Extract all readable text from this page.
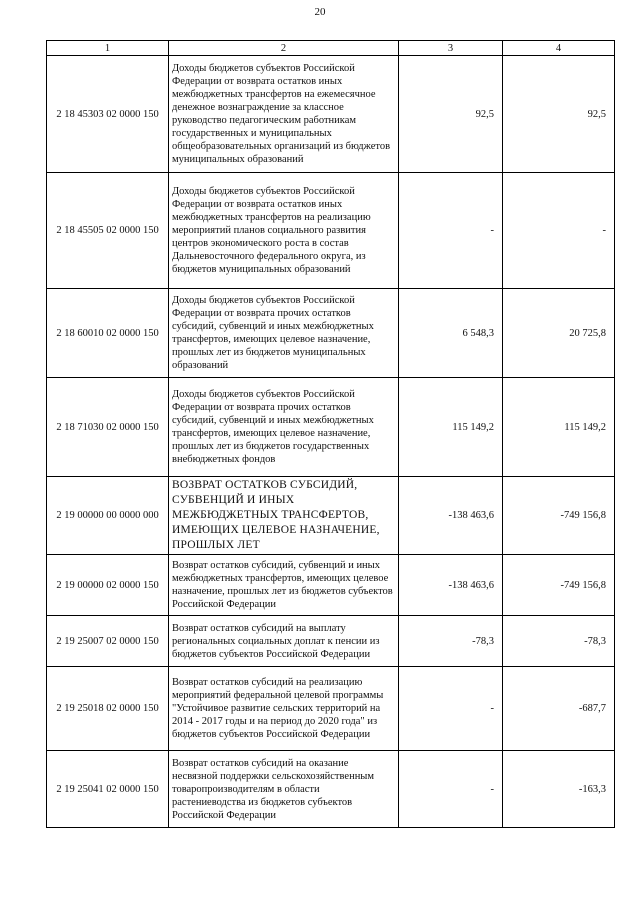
20
1	2	3	4
2 18 45303 02 0000 150	Доходы бюджетов субъектов Российской Федерации от возврата остатков иных межбюджетных трансфертов на ежемесячное денежное вознаграждение за классное руководство педагогическим работникам государственных и муниципальных общеобразовательных организаций из бюджетов муниципальных образований	92,5	92,5
2 18 45505 02 0000 150	Доходы бюджетов субъектов Российской Федерации от возврата остатков иных межбюджетных трансфертов на реализацию мероприятий планов социального развития центров экономического роста в состав Дальневосточного федерального округа, из бюджетов муниципальных образований	-	-
2 18 60010 02 0000 150	Доходы бюджетов субъектов Российской Федерации от возврата прочих остатков субсидий, субвенций и иных межбюджетных трансфертов, имеющих целевое назначение, прошлых лет из бюджетов муниципальных образований	6 548,3	20 725,8
2 18 71030 02 0000 150	Доходы бюджетов субъектов Российской Федерации от возврата прочих остатков субсидий, субвенций и иных межбюджетных трансфертов, имеющих целевое назначение, прошлых лет из бюджетов государственных внебюджетных фондов	115 149,2	115 149,2
2 19 00000 00 0000 000	ВОЗВРАТ ОСТАТКОВ СУБСИДИЙ, СУБВЕНЦИЙ И ИНЫХ МЕЖБЮДЖЕТНЫХ ТРАНСФЕРТОВ, ИМЕЮЩИХ ЦЕЛЕВОЕ НАЗНАЧЕНИЕ, ПРОШЛЫХ ЛЕТ	-138 463,6	-749 156,8
2 19 00000 02 0000 150	Возврат остатков субсидий, субвенций и иных межбюджетных трансфертов, имеющих целевое назначение, прошлых лет из бюджетов субъектов Российской Федерации	-138 463,6	-749 156,8
2 19 25007 02 0000 150	Возврат остатков субсидий на выплату региональных социальных доплат к пенсии из бюджетов субъектов Российской Федерации	-78,3	-78,3
2 19 25018 02 0000 150	Возврат остатков субсидий на реализацию мероприятий федеральной целевой программы "Устойчивое развитие сельских территорий на 2014 - 2017 годы и на период до 2020 года" из бюджетов субъектов Российской Федерации	-	-687,7
2 19 25041 02 0000 150	Возврат остатков субсидий на оказание несвязной поддержки сельскохозяйственным товаропроизводителям в области растениеводства из бюджетов субъектов Российской Федерации	-	-163,3
